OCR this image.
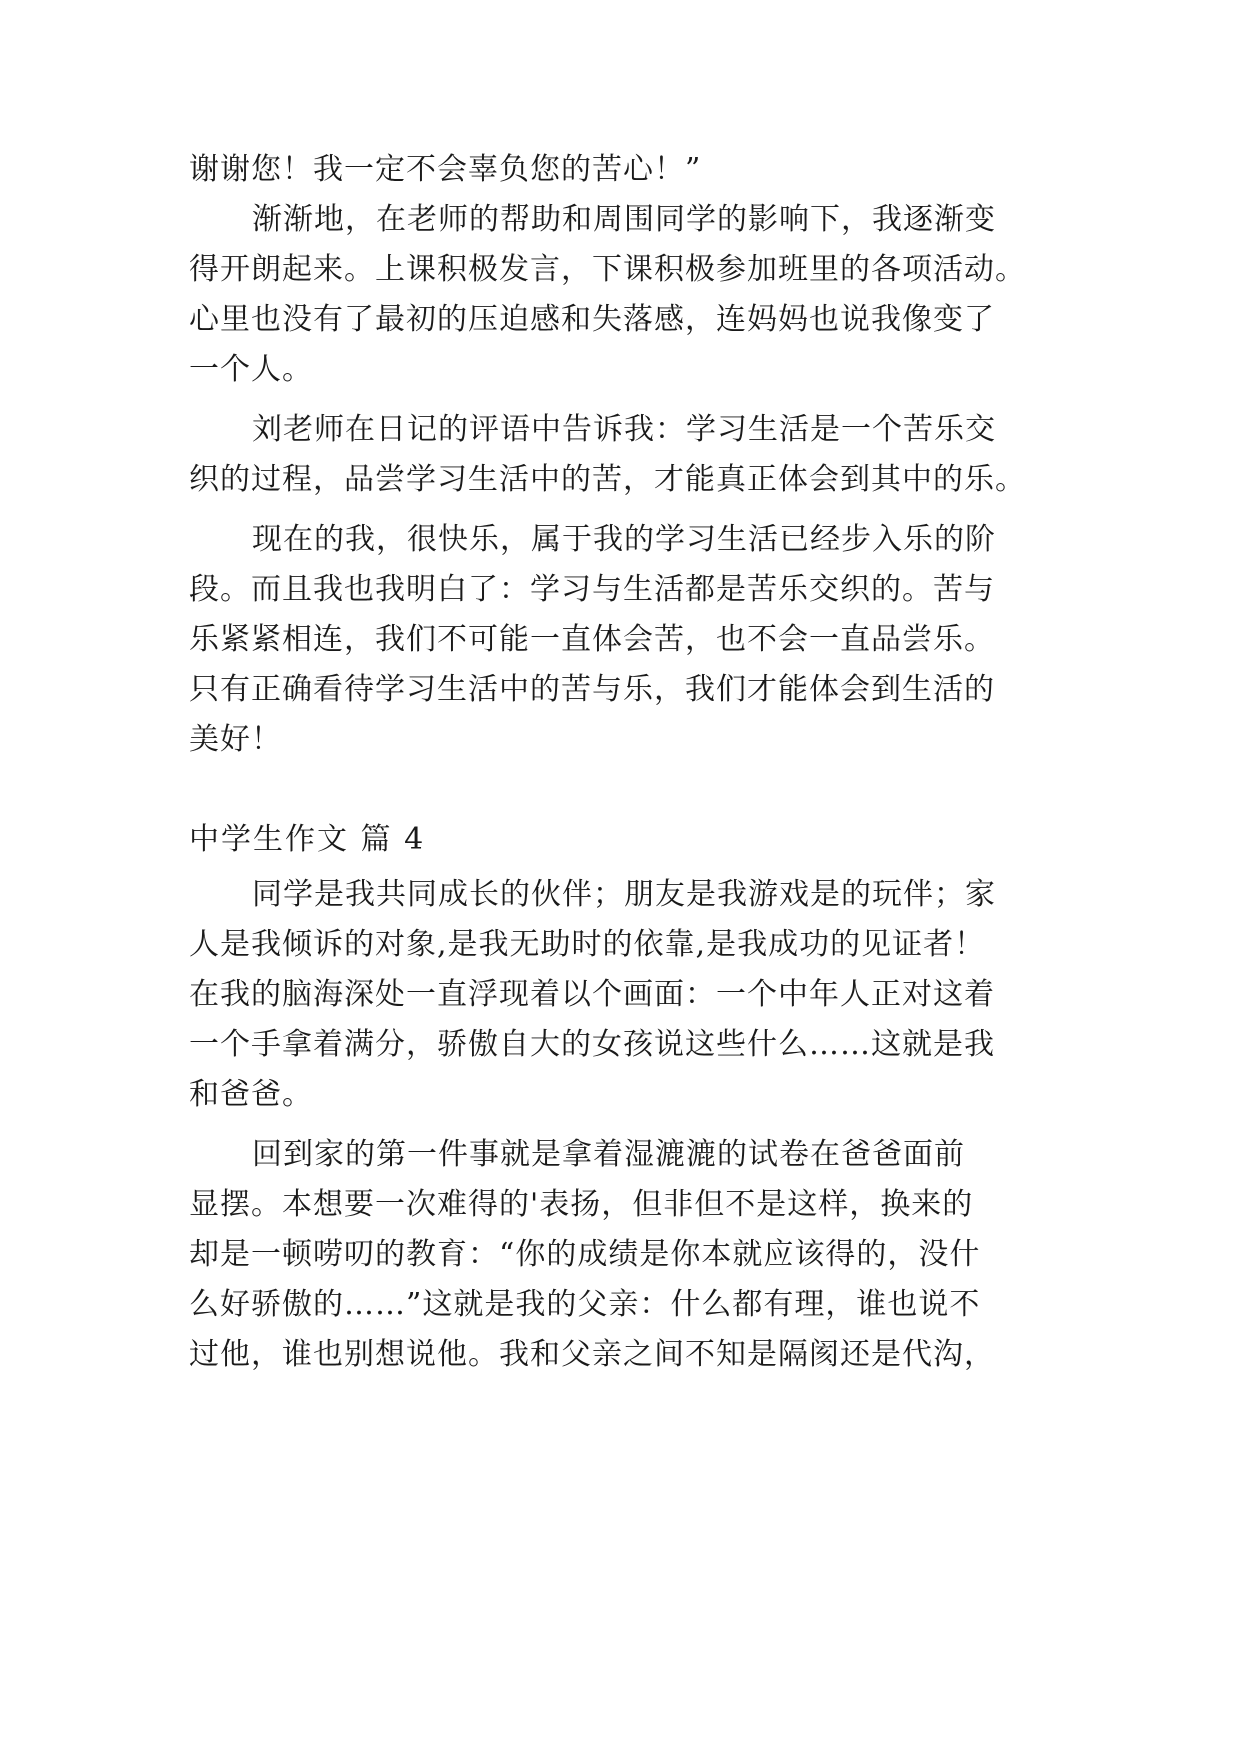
谢谢您！我一定不会辜负您的苦心！”
渐渐地，在老师的帮助和周围同学的影响下，我逐渐变
得开朗起来。上课积极发言，下课积极参加班里的各项活动。
心里也没有了最初的压迫感和失落感，连妈妈也说我像变了
一个人。
刘老师在日记的评语中告诉我：学习生活是一个苦乐交
织的过程，品尝学习生活中的苦，才能真正体会到其中的乐。
现在的我，很快乐，属于我的学习生活已经步入乐的阶
段。而且我也我明白了：学习与生活都是苦乐交织的。苦与
乐紧紧相连，我们不可能一直体会苦，也不会一直品尝乐。
只有正确看待学习生活中的苦与乐，我们才能体会到生活的
美好！
中学生作文 篇 4
同学是我共同成长的伙伴；朋友是我游戏是的玩伴；家
人是我倾诉的对象,是我无助时的依靠,是我成功的见证者！
在我的脑海深处一直浮现着以个画面：一个中年人正对这着
一个手拿着满分，骄傲自大的女孩说这些什么……这就是我
和爸爸。
回到家的第一件事就是拿着湿漉漉的试卷在爸爸面前
显摆。本想要一次难得的'表扬，但非但不是这样，换来的
却是一顿唠叨的教育：“你的成绩是你本就应该得的，没什
么好骄傲的……”这就是我的父亲：什么都有理，谁也说不
过他，谁也别想说他。我和父亲之间不知是隔阂还是代沟，
